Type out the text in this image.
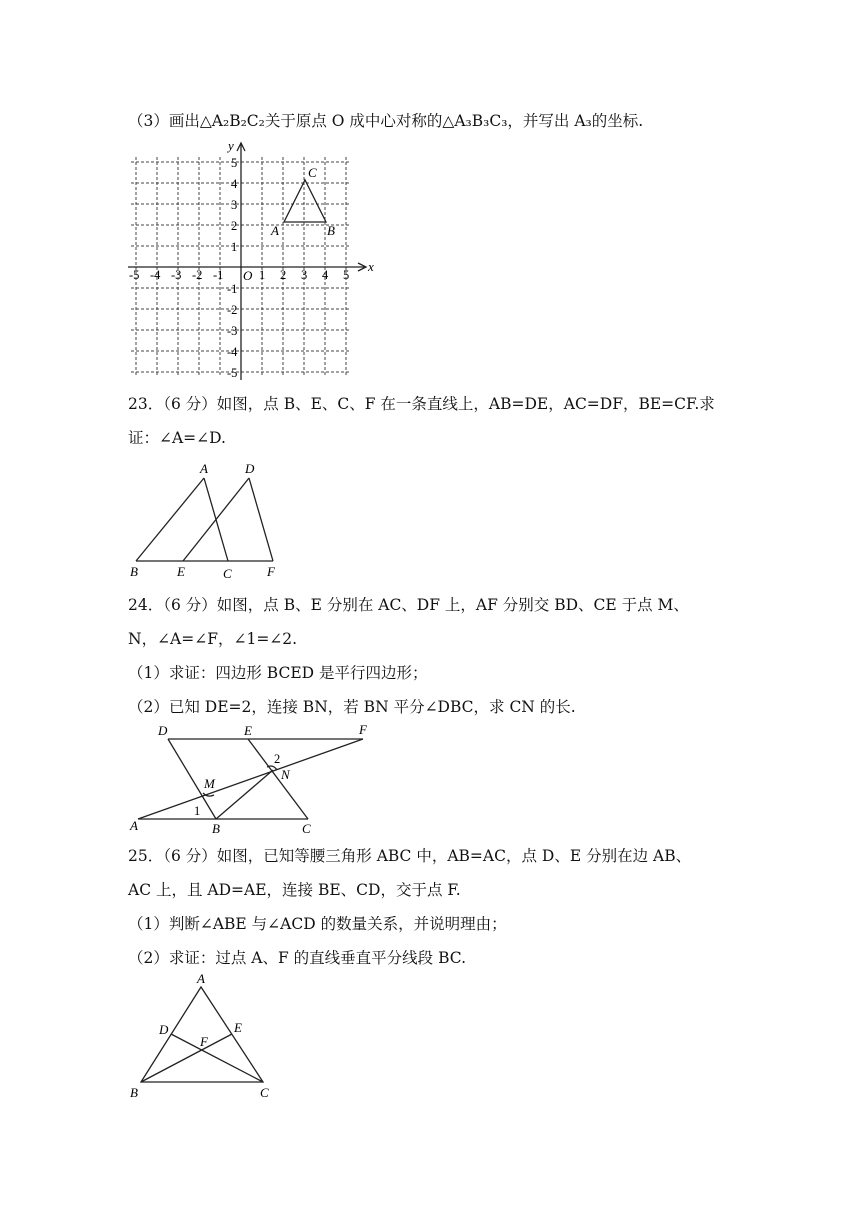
（3）画出△A₂B₂C₂关于原点 O 成中心对称的△A₃B₃C₃，并写出 A₃的坐标.
x
y
O
-5 -4 -3 -2 -1	1 2 3 4 5
5
4
3
2
1
-1
-2
-3
-4
-5
A	B
C
23．（6 分）如图，点 B、E、C、F 在一条直线上，AB=DE，AC=DF，BE=CF.求
证：∠A=∠D.
A	D
B	E	C	F
24．（6 分）如图，点 B、E 分别在 AC、DF 上，AF 分别交 BD、CE 于点 M、
N，∠A=∠F，∠1=∠2.
（1）求证：四边形 BCED 是平行四边形；
（2）已知 DE=2，连接 BN，若 BN 平分∠DBC，求 CN 的长.
D	E	F
M
N
A	B	C
1
2
25．（6 分）如图，已知等腰三角形 ABC 中，AB=AC，点 D、E 分别在边 AB、
AC 上，且 AD=AE，连接 BE、CD，交于点 F.
（1）判断∠ABE 与∠ACD 的数量关系，并说明理由；
（2）求证：过点 A、F 的直线垂直平分线段 BC.
A
D	E
F
B	C
